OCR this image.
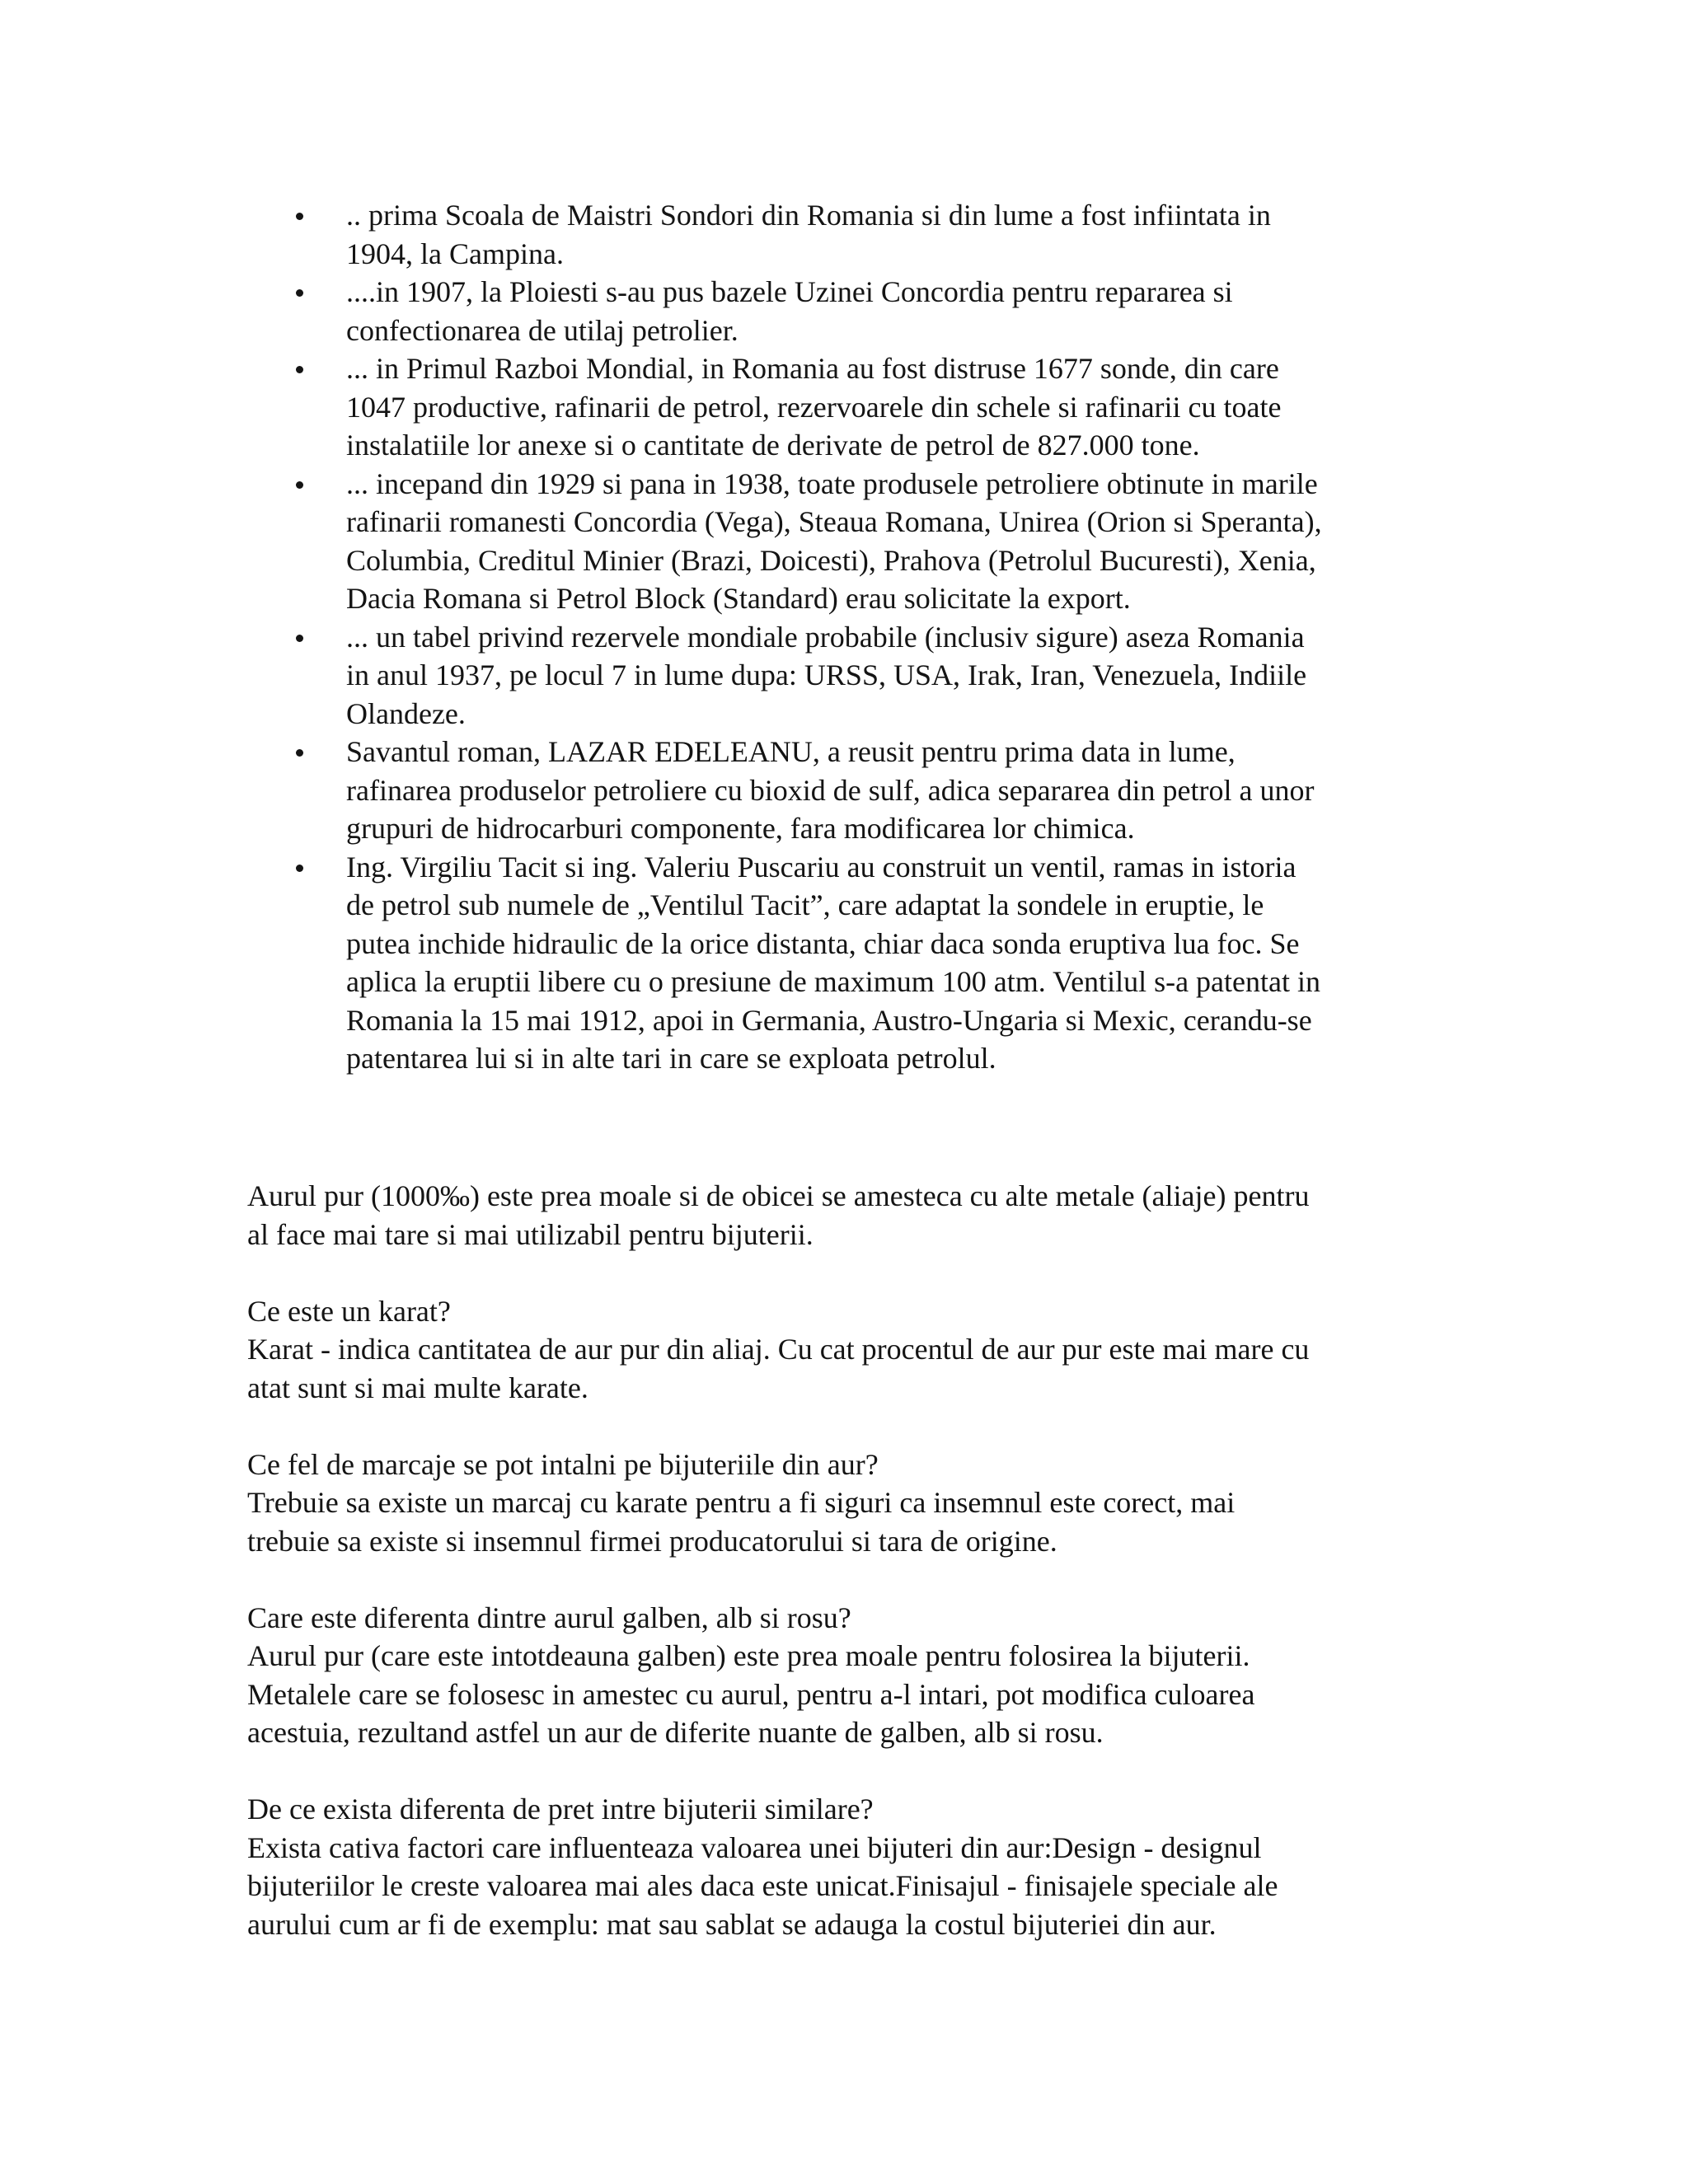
.. prima Scoala de Maistri Sondori din Romania si din lume a fost infiintata in
1904, la Campina.
....in 1907, la Ploiesti s-au pus bazele Uzinei Concordia pentru repararea si
confectionarea de utilaj petrolier.
... in Primul Razboi Mondial, in Romania au fost distruse 1677 sonde, din care
1047 productive, rafinarii de petrol, rezervoarele din schele si rafinarii cu toate
instalatiile lor anexe si o cantitate de derivate de petrol de 827.000 tone.
... incepand din 1929 si pana in 1938, toate produsele petroliere obtinute in marile
rafinarii romanesti Concordia (Vega), Steaua Romana, Unirea (Orion si Speranta),
Columbia, Creditul Minier (Brazi, Doicesti), Prahova (Petrolul Bucuresti), Xenia,
Dacia Romana si Petrol Block (Standard) erau solicitate la export.
... un tabel privind rezervele mondiale probabile (inclusiv sigure) aseza Romania
in anul 1937, pe locul 7 in lume dupa: URSS, USA, Irak, Iran, Venezuela, Indiile
Olandeze.
Savantul roman, LAZAR EDELEANU, a reusit pentru prima data in lume,
rafinarea produselor petroliere cu bioxid de sulf, adica separarea din petrol a unor
grupuri de hidrocarburi componente, fara modificarea lor chimica.
Ing. Virgiliu Tacit si ing. Valeriu Puscariu au construit un ventil, ramas in istoria
de petrol sub numele de „Ventilul Tacit”, care adaptat la sondele in eruptie, le
putea inchide hidraulic de la orice distanta, chiar daca sonda eruptiva lua foc. Se
aplica la eruptii libere cu o presiune de maximum 100 atm. Ventilul s-a patentat in
Romania la 15 mai 1912, apoi in Germania, Austro-Ungaria si Mexic, cerandu-se
patentarea lui si in alte tari in care se exploata petrolul.

Aurul pur (1000‰) este prea moale si de obicei se amesteca cu alte metale (aliaje) pentru
al face mai tare si mai utilizabil pentru bijuterii.

Ce este un karat?

Karat - indica cantitatea de aur pur din aliaj. Cu cat procentul de aur pur este mai mare cu
atat sunt si mai multe karate.

Ce fel de marcaje se pot intalni pe bijuteriile din aur?

Trebuie sa existe un marcaj cu karate pentru a fi siguri ca insemnul este corect, mai
trebuie sa existe si insemnul firmei producatorului si tara de origine.

Care este diferenta dintre aurul galben, alb si rosu?

Aurul pur (care este intotdeauna galben) este prea moale pentru folosirea la bijuterii.
Metalele care se folosesc in amestec cu aurul, pentru a-l intari, pot modifica culoarea
acestuia, rezultand astfel un aur de diferite nuante de galben, alb si rosu.

De ce exista diferenta de pret intre bijuterii similare?

Exista cativa factori care influenteaza valoarea unei bijuteri din aur:Design - designul
bijuteriilor le creste valoarea mai ales daca este unicat.Finisajul - finisajele speciale ale
aurului cum ar fi de exemplu: mat sau sablat se adauga la costul bijuteriei din aur.
